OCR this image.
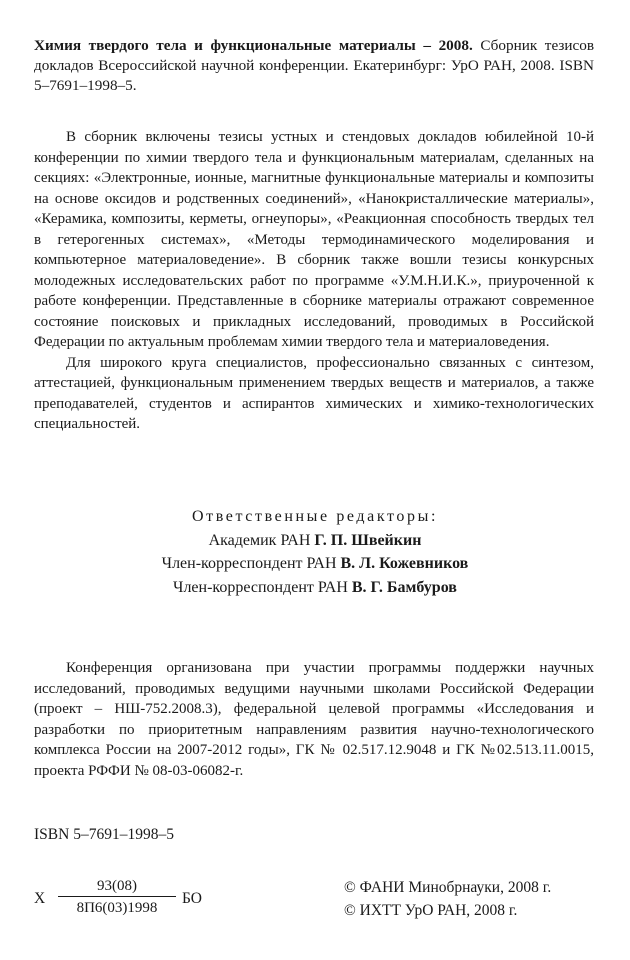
Химия твердого тела и функциональные материалы – 2008. Сборник тезисов докладов Всероссийской научной конференции. Екатеринбург: УрО РАН, 2008. ISBN 5–7691–1998–5.

В сборник включены тезисы устных и стендовых докладов юбилейной 10-й конференции по химии твердого тела и функциональным материалам, сделанных на секциях: «Электронные, ионные, магнитные функциональные материалы и композиты на основе оксидов и родственных соединений», «Нанокристаллические материалы», «Керамика, композиты, керметы, огнеупоры», «Реакционная способность твердых тел в гетерогенных системах», «Методы термодинамического моделирования и компьютерное материаловедение». В сборник также вошли тезисы конкурсных молодежных исследовательских работ по программе «У.М.Н.И.К.», приуроченной к работе конференции. Представленные в сборнике материалы отражают современное состояние поисковых и прикладных исследований, проводимых в Российской Федерации по актуальным проблемам химии твердого тела и материаловедения.

Для широкого круга специалистов, профессионально связанных с синтезом, аттестацией, функциональным применением твердых веществ и материалов, а также преподавателей, студентов и аспирантов химических и химико-технологических специальностей.

Ответственные редакторы:
Академик РАН Г. П. Швейкин
Член-корреспондент РАН В. Л. Кожевников
Член-корреспондент РАН В. Г. Бамбуров
Конференция организована при участии программы поддержки научных исследований, проводимых ведущими научными школами Российской Федерации (проект – НШ-752.2008.3), федеральной целевой программы «Исследования и разработки по приоритетным направлениям развития научно-технологического комплекса России на 2007-2012 годы», ГК № 02.517.12.9048 и ГК №02.513.11.0015, проекта РФФИ № 08-03-06082-г.
ISBN 5–7691–1998–5
Х
93(08)
8П6(03)1998
БО
© ФАНИ Минобрнауки, 2008 г.
© ИХТТ УрО РАН, 2008 г.
